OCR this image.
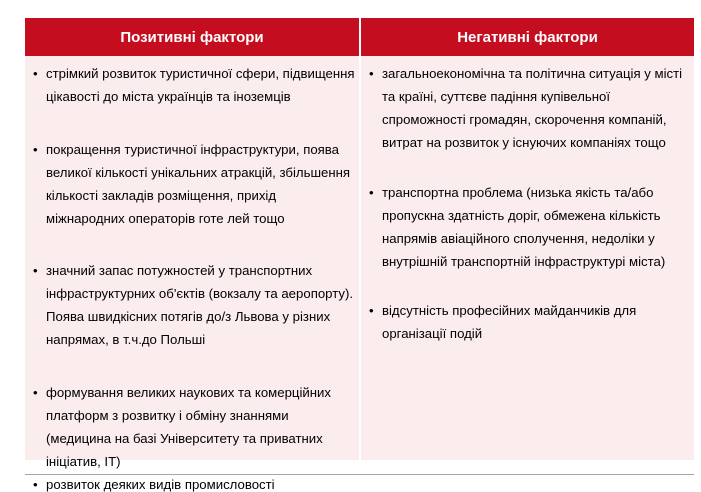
Позитивні фактори	Негативні фактори
• стрімкий розвиток туристичної сфери, підвищення цікавості до міста українців та іноземців
• покращення туристичної інфраструктури, поява великої кількості унікальних атракцій, збільшення кількості закладів розміщення, прихід міжнародних операторів готе лей тощо
• значний запас потужностей у транспортних інфраструктурних об'єктів (вокзалу та аеропорту). Поява швидкісних потягів до/з Львова у різних напрямах, в т.ч.до Польші
• формування великих наукових та комерційних платформ з розвитку і обміну знаннями (медицина на базі Університету та приватних ініціатив, ІТ)
• розвиток деяких видів промисловості
• загальноекономічна та політична ситуація у місті та країні, суттєве падіння купівельної спроможності громадян, скорочення компаній, витрат на розвиток у існуючих компаніях тощо
• транспортна проблема (низька якість та/або пропускна здатність доріг, обмежена кількість напрямів авіаційного сполучення, недоліки у внутрішній транспортній інфраструктурі міста)
• відсутність професійних майданчиків для організації подій
